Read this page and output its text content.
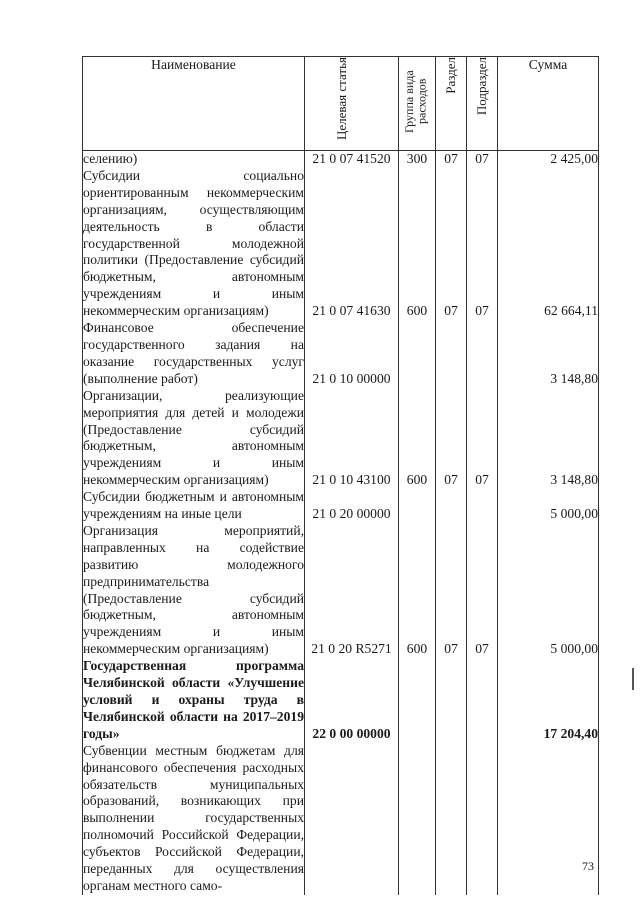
Наименование	Целевая статья	Группа вида расходов	Раздел	Подраздел	Сумма
селению)	21 0 07 41520	300	07	07	2 425,00
Субсидии социально ориентированным некоммерческим организациям, осуществляющим деятельность в области государственной молодежной политики (Предоставление субсидий бюджетным, автономным учреждениям и иным некоммерческим организациям)	21 0 07 41630	600	07	07	62 664,11
Финансовое обеспечение государственного задания на оказание государственных услуг (выполнение работ)	21 0 10 00000				3 148,80
Организации, реализующие мероприятия для детей и молодежи (Предоставление субсидий бюджетным, автономным учреждениям и иным некоммерческим организациям)	21 0 10 43100	600	07	07	3 148,80
Субсидии бюджетным и автономным учреждениям на иные цели	21 0 20 00000				5 000,00
Организация мероприятий, направленных на содействие развитию молодежного предпринимательства (Предоставление субсидий бюджетным, автономным учреждениям и иным некоммерческим организациям)	21 0 20 R5271	600	07	07	5 000,00
Государственная программа Челябинской области «Улучшение условий и охраны труда в Челябинской области на 2017–2019 годы»	22 0 00 00000				17 204,40
Субвенции местным бюджетам для финансового обеспечения расходных обязательств муниципальных образований, возникающих при выполнении государственных полномочий Российской Федерации, субъектов Российской Федерации, переданных для осуществления органам местного само-					
73
